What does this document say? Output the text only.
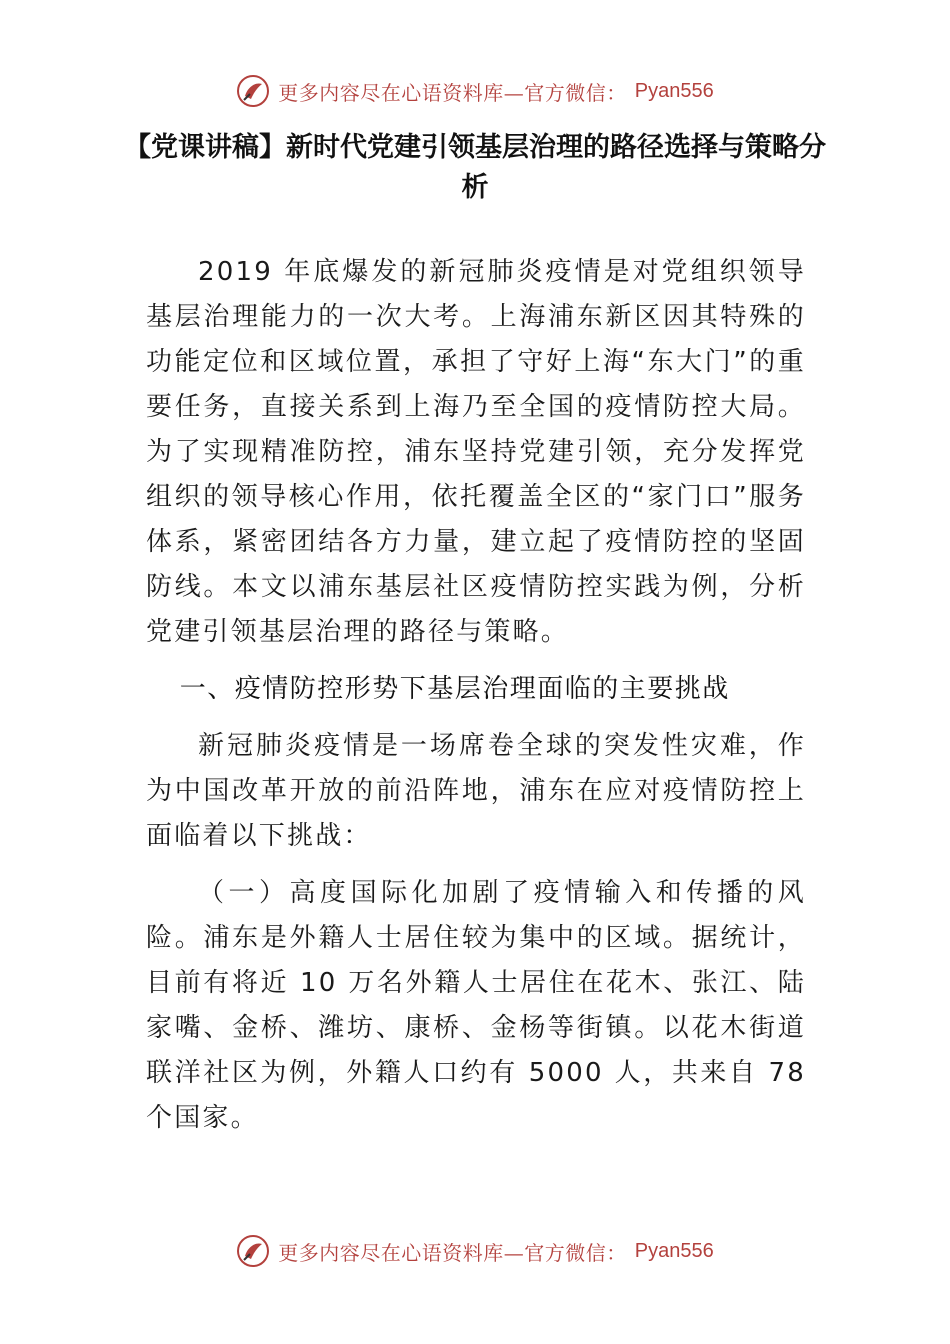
更多内容尽在心语资料库—官方微信： Pyan556
【党课讲稿】新时代党建引领基层治理的路径选择与策略分析

2019 年底爆发的新冠肺炎疫情是对党组织领导基层治理能力的一次大考。上海浦东新区因其特殊的功能定位和区域位置，承担了守好上海“东大门”的重要任务，直接关系到上海乃至全国的疫情防控大局。为了实现精准防控，浦东坚持党建引领，充分发挥党组织的领导核心作用，依托覆盖全区的“家门口”服务体系，紧密团结各方力量，建立起了疫情防控的坚固防线。本文以浦东基层社区疫情防控实践为例，分析党建引领基层治理的路径与策略。

一、疫情防控形势下基层治理面临的主要挑战

新冠肺炎疫情是一场席卷全球的突发性灾难，作为中国改革开放的前沿阵地，浦东在应对疫情防控上面临着以下挑战：

（一）高度国际化加剧了疫情输入和传播的风险。浦东是外籍人士居住较为集中的区域。据统计，目前有将近 10 万名外籍人士居住在花木、张江、陆家嘴、金桥、潍坊、康桥、金杨等街镇。以花木街道联洋社区为例，外籍人口约有 5000 人，共来自 78 个国家。

更多内容尽在心语资料库—官方微信： Pyan556
